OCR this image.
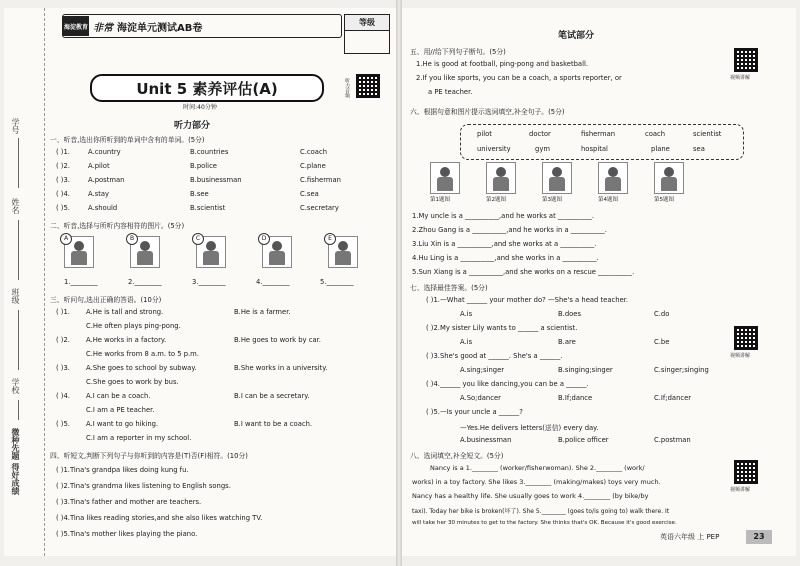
学号
姓名
班级
学校
微种先题 得好成绩
海淀教育 非常 海淀单元测试AB卷	等级
听力音频
Unit 5 素养评估(A)
时间:40分钟
听力部分
一、听音,选出你所听到的单词中含有的单词。(5分)
( )1.	A.country	B.countries	C.coach
( )2.	A.pilot	B.police	C.plane
( )3.	A.postman	B.businessman	C.fisherman
( )4.	A.stay	B.see	C.sea
( )5.	A.should	B.scientist	C.secretary
二、听音,选择与所听内容相符的图片。(5分)
A	B	C	D	E
1.________	2.________	3.________	4.________	5.________
三、听问句,选出正确的答语。(10分)
( )1. A.He is tall and strong.	B.He is a farmer.
C.He often plays ping-pong.
( )2. A.He works in a factory.	B.He goes to work by car.
C.He works from 8 a.m. to 5 p.m.
( )3. A.She goes to school by subway.	B.She works in a university.
C.She goes to work by bus.
( )4. A.I can be a coach.	B.I can be a secretary.
C.I am a PE teacher.
( )5. A.I want to go hiking.	B.I want to be a coach.
C.I am a reporter in my school.
四、听短文,判断下列句子与你听到的内容是(T)否(F)相符。(10分)
( )1.Tina's grandpa likes doing kung fu.
( )2.Tina's grandma likes listening to English songs.
( )3.Tina's father and mother are teachers.
( )4.Tina likes reading stories,and she also likes watching TV.
( )5.Tina's mother likes playing the piano.
笔试部分
五、用//给下列句子断句。(5分)
1.He is good at football, ping-pong and basketball.
2.If you like sports, you can be a coach, a sports reporter, or
a PE teacher.
视频讲解
六、根据句意和图片提示选词填空,补全句子。(5分)
pilot	doctor	fisherman	coach	scientist
university	gym	hospital	plane	sea
第1题图	第2题图	第3题图	第4题图	第5题图
1.My uncle is a __________,and he works at __________.
2.Zhou Gang is a __________,and he works in a __________.
3.Liu Xin is a __________,and she works at a __________.
4.Hu Ling is a __________,and she works in a __________.
5.Sun Xiang is a __________,and she works on a rescue __________.
七、选择最佳答案。(5分)
( )1.—What ______ your mother do? —She's a head teacher.
A.is	B.does	C.do
( )2.My sister Lily wants to ______ a scientist.
A.is	B.are	C.be
( )3.She's good at ______. She's a ______.
A.sing;singer	B.singing;singer	C.singer;singing
( )4.______ you like dancing,you can be a ______.
A.So;dancer	B.If;dance	C.If;dancer
( )5.—Is your uncle a ______?
—Yes.He delivers letters(送信) every day.
A.businessman	B.police officer	C.postman
视频讲解
八、选词填空,补全短文。(5分)
Nancy is a 1.________ (worker/fisherwoman). She 2.________ (work/
works) in a toy factory. She likes 3.________ (making/makes) toys very much.
Nancy has a healthy life. She usually goes to work 4.________ (by bike/by
taxi). Today her bike is broken(坏了). She 5.________ (goes to/is going to) walk there. It
will take her 30 minutes to get to the factory. She thinks that's OK. Because it's good exercise.
视频讲解
英语六年级 上 PEP	23
